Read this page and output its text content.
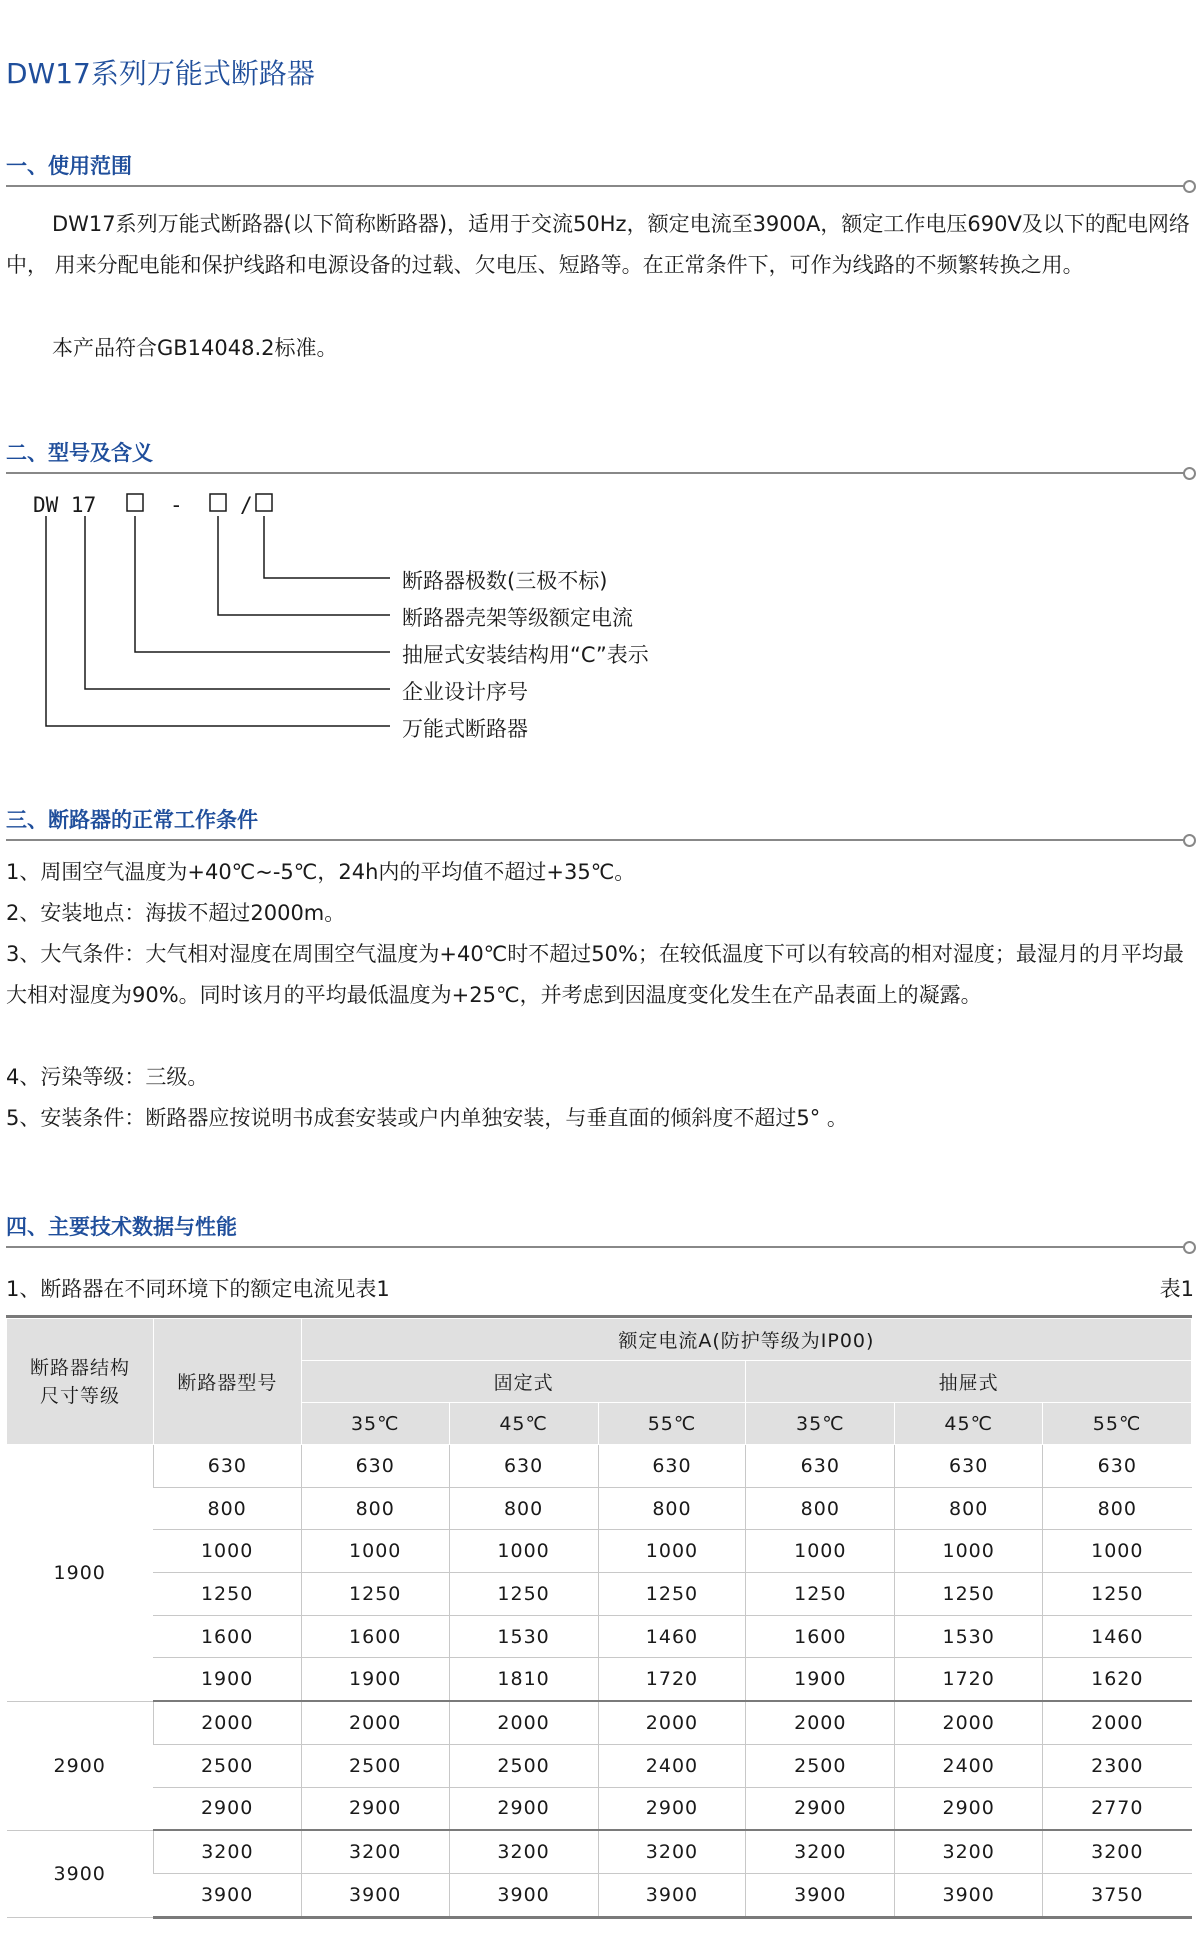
DW17系列万能式断路器
一、使用范围

DW17系列万能式断路器(以下简称断路器)，适用于交流50Hz，额定电流至3900A，额定工作电压690V及以下的配电网络中， 用来分配电能和保护线路和电源设备的过载、欠电压、短路等。在正常条件下，可作为线路的不频繁转换之用。

本产品符合GB14048.2标准。

二、型号及含义
DW 17	-	/
断路器极数(三极不标)
断路器壳架等级额定电流
抽屉式安装结构用“C”表示
企业设计序号
万能式断路器
三、断路器的正常工作条件

1、周围空气温度为+40℃~-5℃，24h内的平均值不超过+35℃。

2、安装地点：海拔不超过2000m。

3、大气条件：大气相对湿度在周围空气温度为+40℃时不超过50%；在较低温度下可以有较高的相对湿度；最湿月的月平均最大相对湿度为90%。同时该月的平均最低温度为+25℃，并考虑到因温度变化发生在产品表面上的凝露。

4、污染等级：三级。

5、安装条件：断路器应按说明书成套安装或户内单独安装，与垂直面的倾斜度不超过5° 。

四、主要技术数据与性能
1、断路器在不同环境下的额定电流见表1	表1
断路器结构尺寸等级	断路器型号	额定电流A(防护等级为IP00)					
		固定式			抽屉式		
		35℃	45℃	55℃	35℃	45℃	55℃
1900	630	630	630	630	630	630	630
	800	800	800	800	800	800	800
	1000	1000	1000	1000	1000	1000	1000
	1250	1250	1250	1250	1250	1250	1250
	1600	1600	1530	1460	1600	1530	1460
	1900	1900	1810	1720	1900	1720	1620
2900	2000	2000	2000	2000	2000	2000	2000
	2500	2500	2500	2400	2500	2400	2300
	2900	2900	2900	2900	2900	2900	2770
3900	3200	3200	3200	3200	3200	3200	3200
	3900	3900	3900	3900	3900	3900	3750
